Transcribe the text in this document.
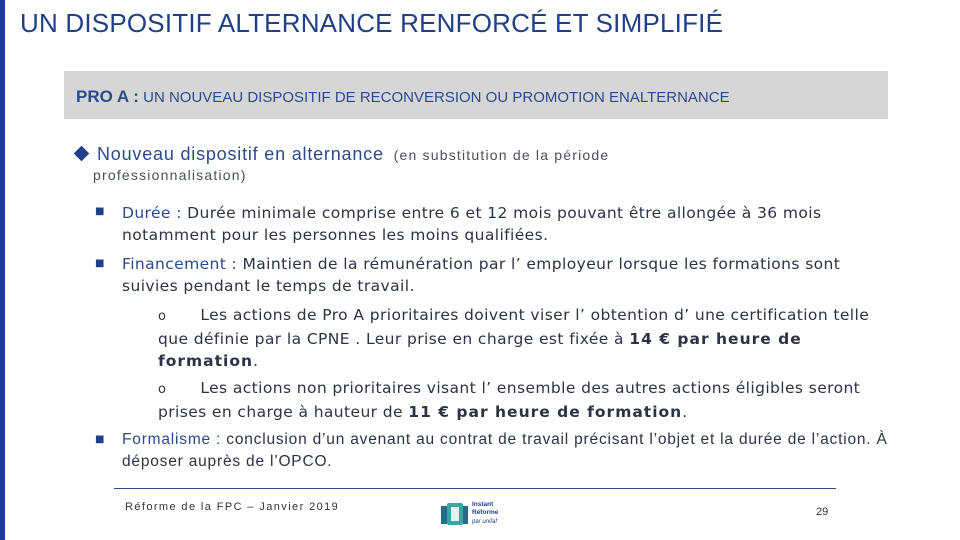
UN DISPOSITIF ALTERNANCE RENFORCÉ ET SIMPLIFIÉ
PRO A : UN NOUVEAU DISPOSITIF DE RECONVERSION OU PROMOTION ENALTERNANCE
Nouveau dispositif en alternance (en substitution de la période
professionnalisation)
■ Durée : Durée minimale comprise entre 6 et 12 mois pouvant être allongée à 36 mois notamment pour les personnes les moins qualifiées.
■ Financement : Maintien de la rémunération par l’ employeur lorsque les formations sont suivies pendant le temps de travail.
o Les actions de Pro A prioritaires doivent viser l’ obtention d’ une certification telle que définie par la CPNE . Leur prise en charge est fixée à 14 € par heure de formation.
o Les actions non prioritaires visant l’ ensemble des autres actions éligibles seront prises en charge à hauteur de 11 € par heure de formation.
■ Formalisme : conclusion d’un avenant au contrat de travail précisant l’objet et la durée de l’action. À déposer auprès de l’OPCO.
Réforme de la FPC – Janvier 2019	Instant
Réforme
par unifaf
29
